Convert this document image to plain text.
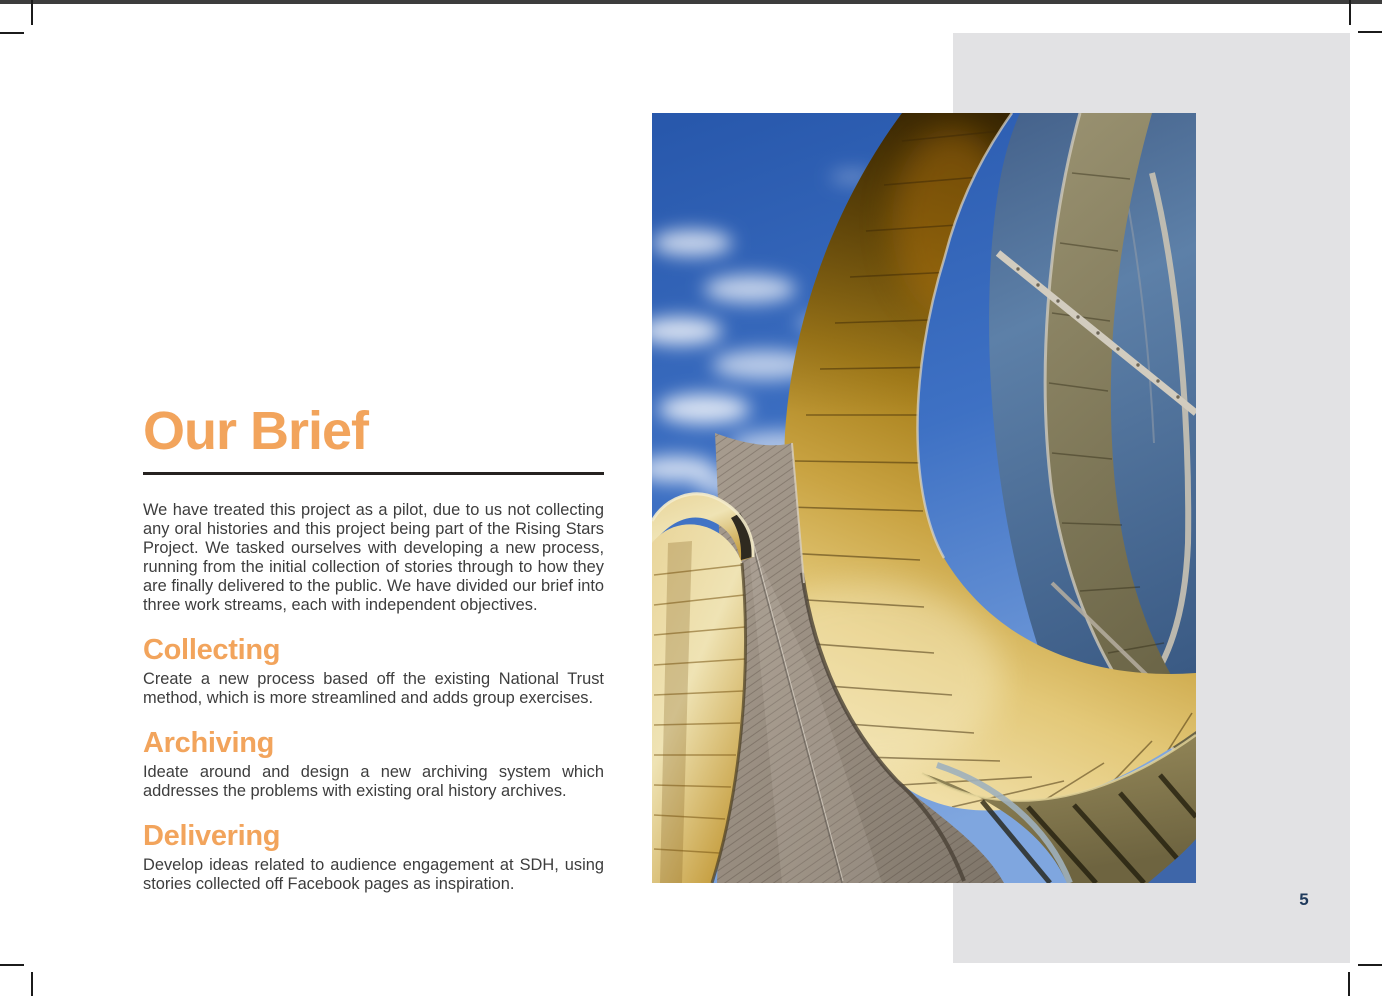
Our Brief

We have treated this project as a pilot, due to us not collecting any oral histories and this project being part of the Rising Stars Project. We tasked ourselves with developing a new process, running from the initial collection of stories through to how they are finally delivered to the public. We have divided our brief into three work streams, each with independent objectives.

Collecting

Create a new process based off the existing National Trust method, which is more streamlined and adds group exercises.

Archiving

Ideate around and design a new archiving system which addresses the problems with existing oral history archives.

Delivering

Develop ideas related to audience engagement at SDH, using stories collected off Facebook pages as inspiration.

5
